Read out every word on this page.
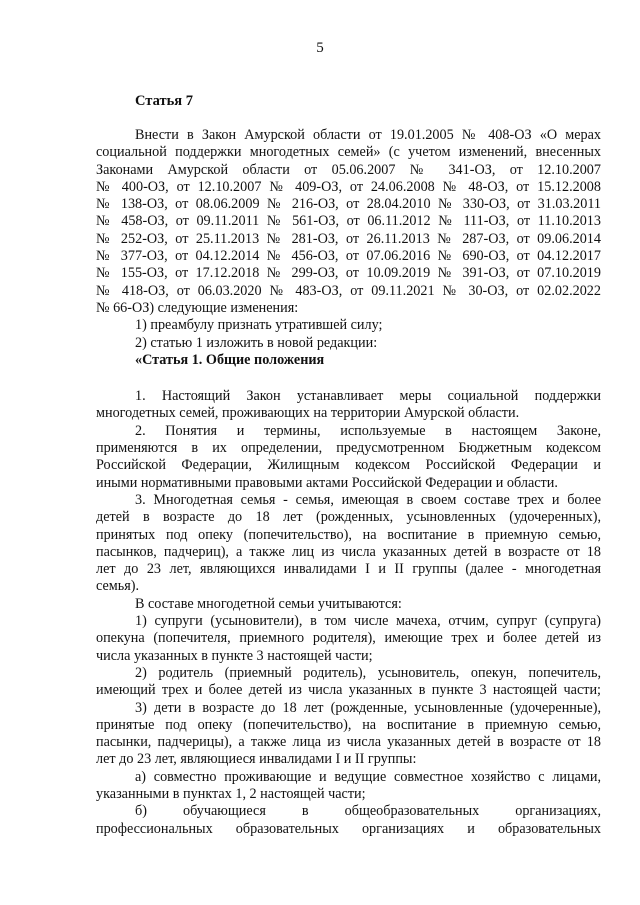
5
Статья 7

Внести в Закон Амурской области от 19.01.2005 № 408-ОЗ «О мерах

социальной поддержки многодетных семей» (с учетом изменений, внесенных

Законами Амурской области от 05.06.2007 № 341-ОЗ, от 12.10.2007

№ 400-ОЗ, от 12.10.2007 № 409-ОЗ, от 24.06.2008 № 48-ОЗ, от 15.12.2008

№ 138-ОЗ, от 08.06.2009 № 216-ОЗ, от 28.04.2010 № 330-ОЗ, от 31.03.2011

№ 458-ОЗ, от 09.11.2011 № 561-ОЗ, от 06.11.2012 № 111-ОЗ, от 11.10.2013

№ 252-ОЗ, от 25.11.2013 № 281-ОЗ, от 26.11.2013 № 287-ОЗ, от 09.06.2014

№ 377-ОЗ, от 04.12.2014 № 456-ОЗ, от 07.06.2016 № 690-ОЗ, от 04.12.2017

№ 155-ОЗ, от 17.12.2018 № 299-ОЗ, от 10.09.2019 № 391-ОЗ, от 07.10.2019

№ 418-ОЗ, от 06.03.2020 № 483-ОЗ, от 09.11.2021 № 30-ОЗ, от 02.02.2022

№ 66-ОЗ) следующие изменения:

1) преамбулу признать утратившей силу;

2) статью 1 изложить в новой редакции:

«Статья 1. Общие положения

1. Настоящий Закон устанавливает меры социальной поддержки

многодетных семей, проживающих на территории Амурской области.

2. Понятия и термины, используемые в настоящем Законе,

применяются в их определении, предусмотренном Бюджетным кодексом

Российской Федерации, Жилищным кодексом Российской Федерации и

иными нормативными правовыми актами Российской Федерации и области.

3. Многодетная семья - семья, имеющая в своем составе трех и более

детей в возрасте до 18 лет (рожденных, усыновленных (удочеренных),

принятых под опеку (попечительство), на воспитание в приемную семью,

пасынков, падчериц), а также лиц из числа указанных детей в возрасте от 18

лет до 23 лет, являющихся инвалидами I и II группы (далее - многодетная

семья).

В составе многодетной семьи учитываются:

1) супруги (усыновители), в том числе мачеха, отчим, супруг (супруга)

опекуна (попечителя, приемного родителя), имеющие трех и более детей из

числа указанных в пункте 3 настоящей части;

2) родитель (приемный родитель), усыновитель, опекун, попечитель,

имеющий трех и более детей из числа указанных в пункте 3 настоящей части;

3) дети в возрасте до 18 лет (рожденные, усыновленные (удочеренные),

принятые под опеку (попечительство), на воспитание в приемную семью,

пасынки, падчерицы), а также лица из числа указанных детей в возрасте от 18

лет до 23 лет, являющиеся инвалидами I и II группы:

а) совместно проживающие и ведущие совместное хозяйство с лицами,

указанными в пунктах 1, 2 настоящей части;

б) обучающиеся в общеобразовательных организациях,

профессиональных образовательных организациях и образовательных
